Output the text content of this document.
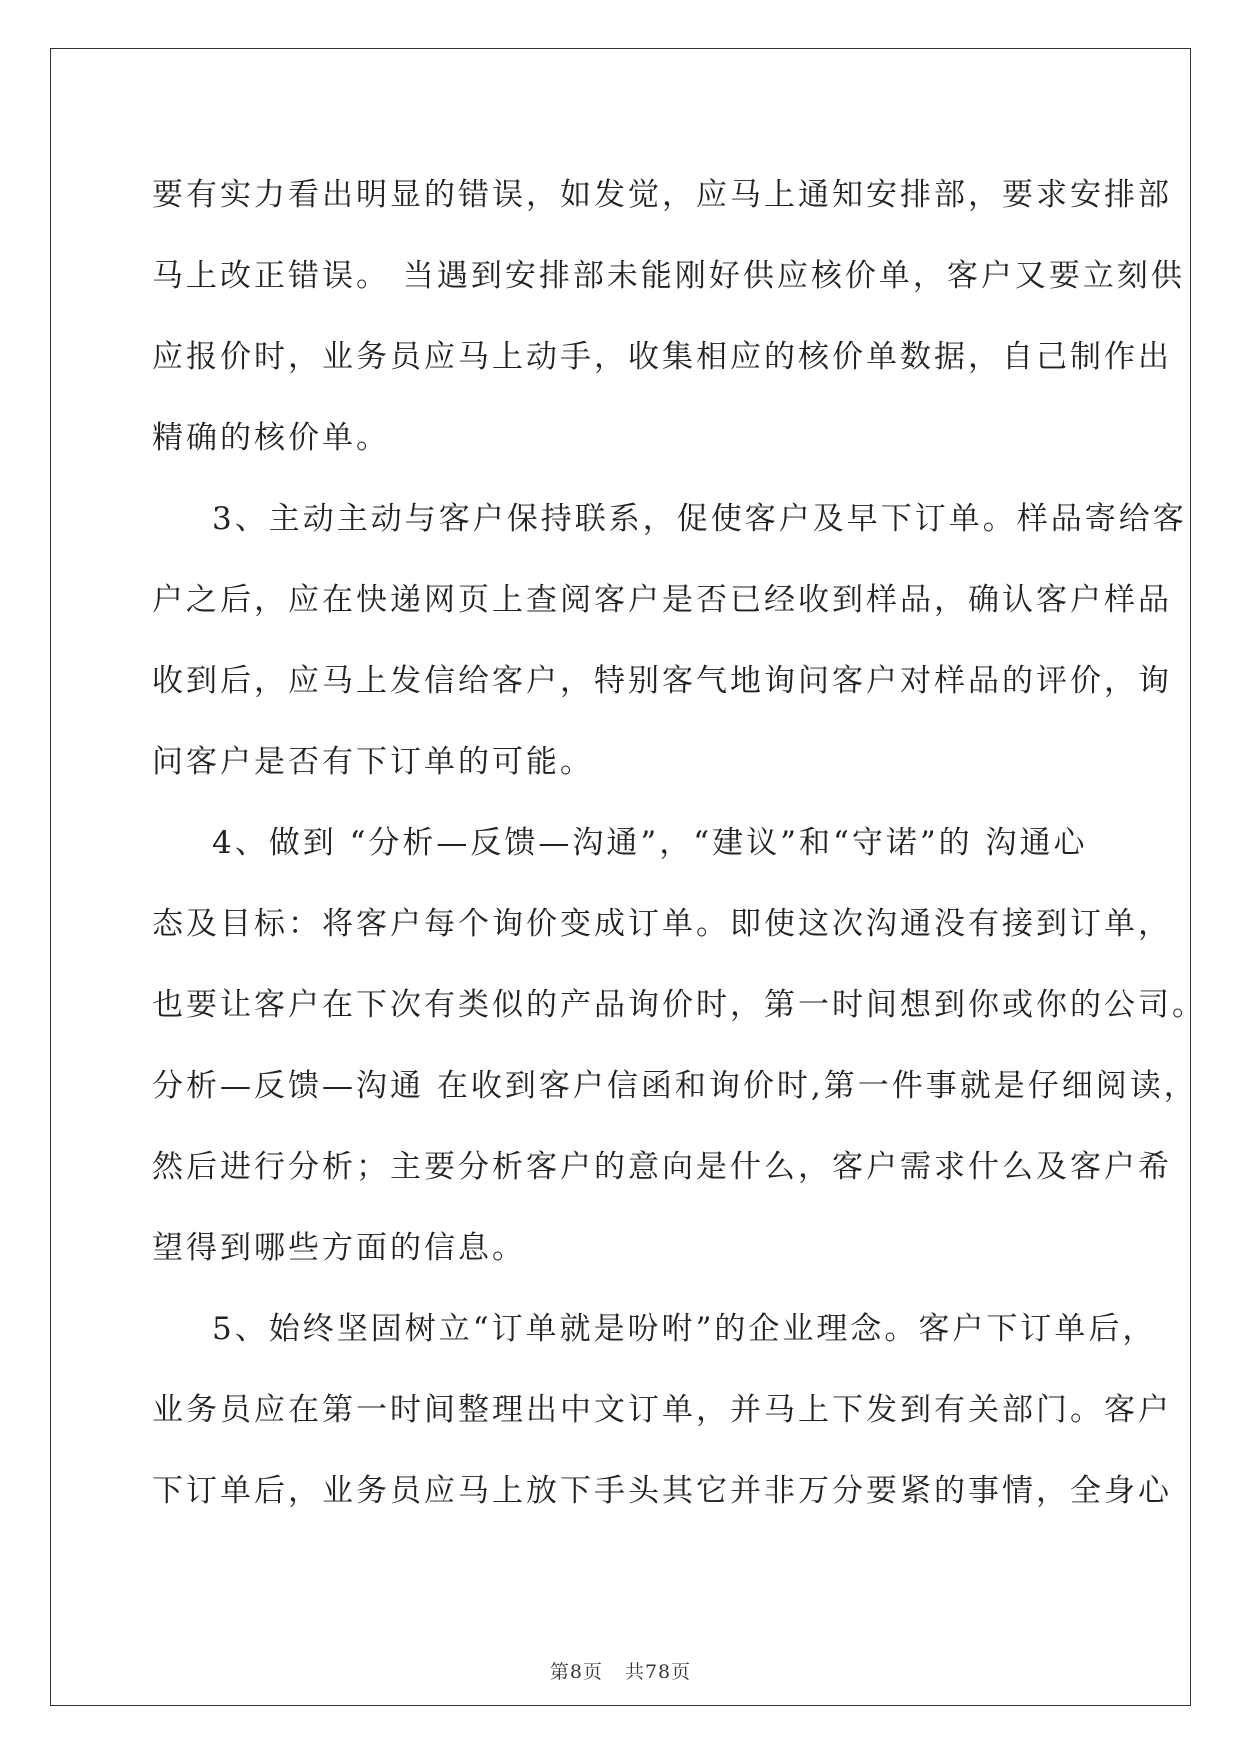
要有实力看出明显的错误，如发觉，应马上通知安排部，要求安排部
马上改正错误。 当遇到安排部未能刚好供应核价单，客户又要立刻供
应报价时，业务员应马上动手，收集相应的核价单数据，自己制作出
精确的核价单。
3、主动主动与客户保持联系，促使客户及早下订单。样品寄给客
户之后，应在快递网页上查阅客户是否已经收到样品，确认客户样品
收到后，应马上发信给客户，特别客气地询问客户对样品的评价，询
问客户是否有下订单的可能。
4、做到 “分析—反馈—沟通”，“建议”和“守诺”的 沟通心
态及目标：将客户每个询价变成订单。即使这次沟通没有接到订单，
也要让客户在下次有类似的产品询价时，第一时间想到你或你的公司。
分析—反馈—沟通 在收到客户信函和询价时,第一件事就是仔细阅读，
然后进行分析；主要分析客户的意向是什么，客户需求什么及客户希
望得到哪些方面的信息。
5、始终坚固树立“订单就是吩咐”的企业理念。客户下订单后，
业务员应在第一时间整理出中文订单，并马上下发到有关部门。客户
下订单后，业务员应马上放下手头其它并非万分要紧的事情，全身心
第8页 共78页
